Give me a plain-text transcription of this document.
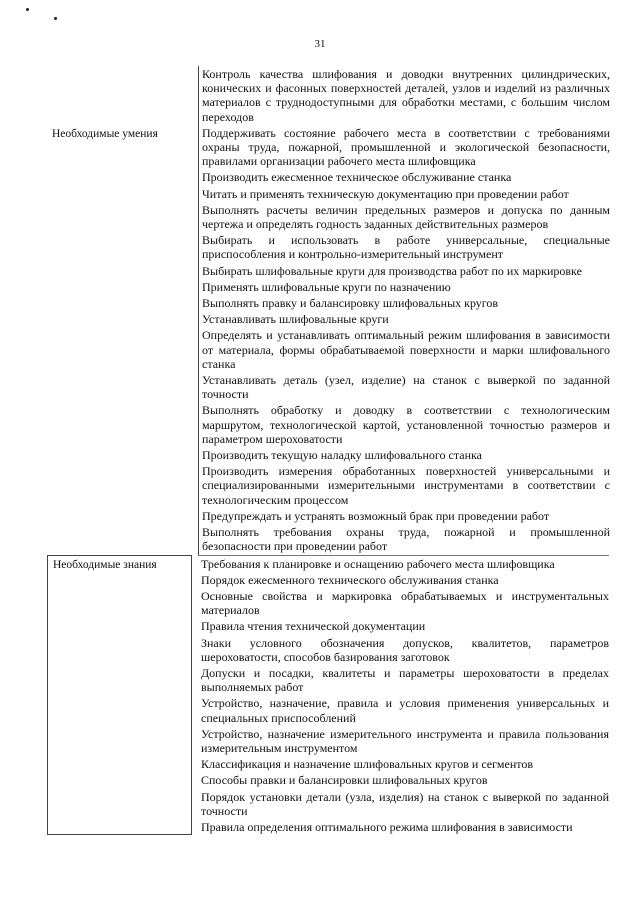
31
Контроль качества шлифования и доводки внутренних цилиндрических, конических и фасонных поверхностей деталей, узлов и изделий из различных материалов с труднодоступными для обработки местами, с большим числом переходов
Необходимые умения	Поддерживать состояние рабочего места в соответствии с требованиями охраны труда, пожарной, промышленной и экологической безопасности, правилами организации рабочего места шлифовщика
Производить ежесменное техническое обслуживание станка
Читать и применять техническую документацию при проведении работ
Выполнять расчеты величин предельных размеров и допуска по данным чертежа и определять годность заданных действительных размеров
Выбирать и использовать в работе универсальные, специальные приспособления и контрольно-измерительный инструмент
Выбирать шлифовальные круги для производства работ по их маркировке
Применять шлифовальные круги по назначению
Выполнять правку и балансировку шлифовальных кругов
Устанавливать шлифовальные круги
Определять и устанавливать оптимальный режим шлифования в зависимости от материала, формы обрабатываемой поверхности и марки шлифовального станка
Устанавливать деталь (узел, изделие) на станок с выверкой по заданной точности
Выполнять обработку и доводку в соответствии с технологическим маршрутом, технологической картой, установленной точностью размеров и параметром шероховатости
Производить текущую наладку шлифовального станка
Производить измерения обработанных поверхностей универсальными и специализированными измерительными инструментами в соответствии с технологическим процессом
Предупреждать и устранять возможный брак при проведении работ
Выполнять требования охраны труда, пожарной и промышленной безопасности при проведении работ
Необходимые знания	Требования к планировке и оснащению рабочего места шлифовщика
Порядок ежесменного технического обслуживания станка
Основные свойства и маркировка обрабатываемых и инструментальных материалов
Правила чтения технической документации
Знаки условного обозначения допусков, квалитетов, параметров шероховатости, способов базирования заготовок
Допуски и посадки, квалитеты и параметры шероховатости в пределах выполняемых работ
Устройство, назначение, правила и условия применения универсальных и специальных приспособлений
Устройство, назначение измерительного инструмента и правила пользования измерительным инструментом
Классификация и назначение шлифовальных кругов и сегментов
Способы правки и балансировки шлифовальных кругов
Порядок установки детали (узла, изделия) на станок с выверкой по заданной точности
Правила определения оптимального режима шлифования в зависимости
